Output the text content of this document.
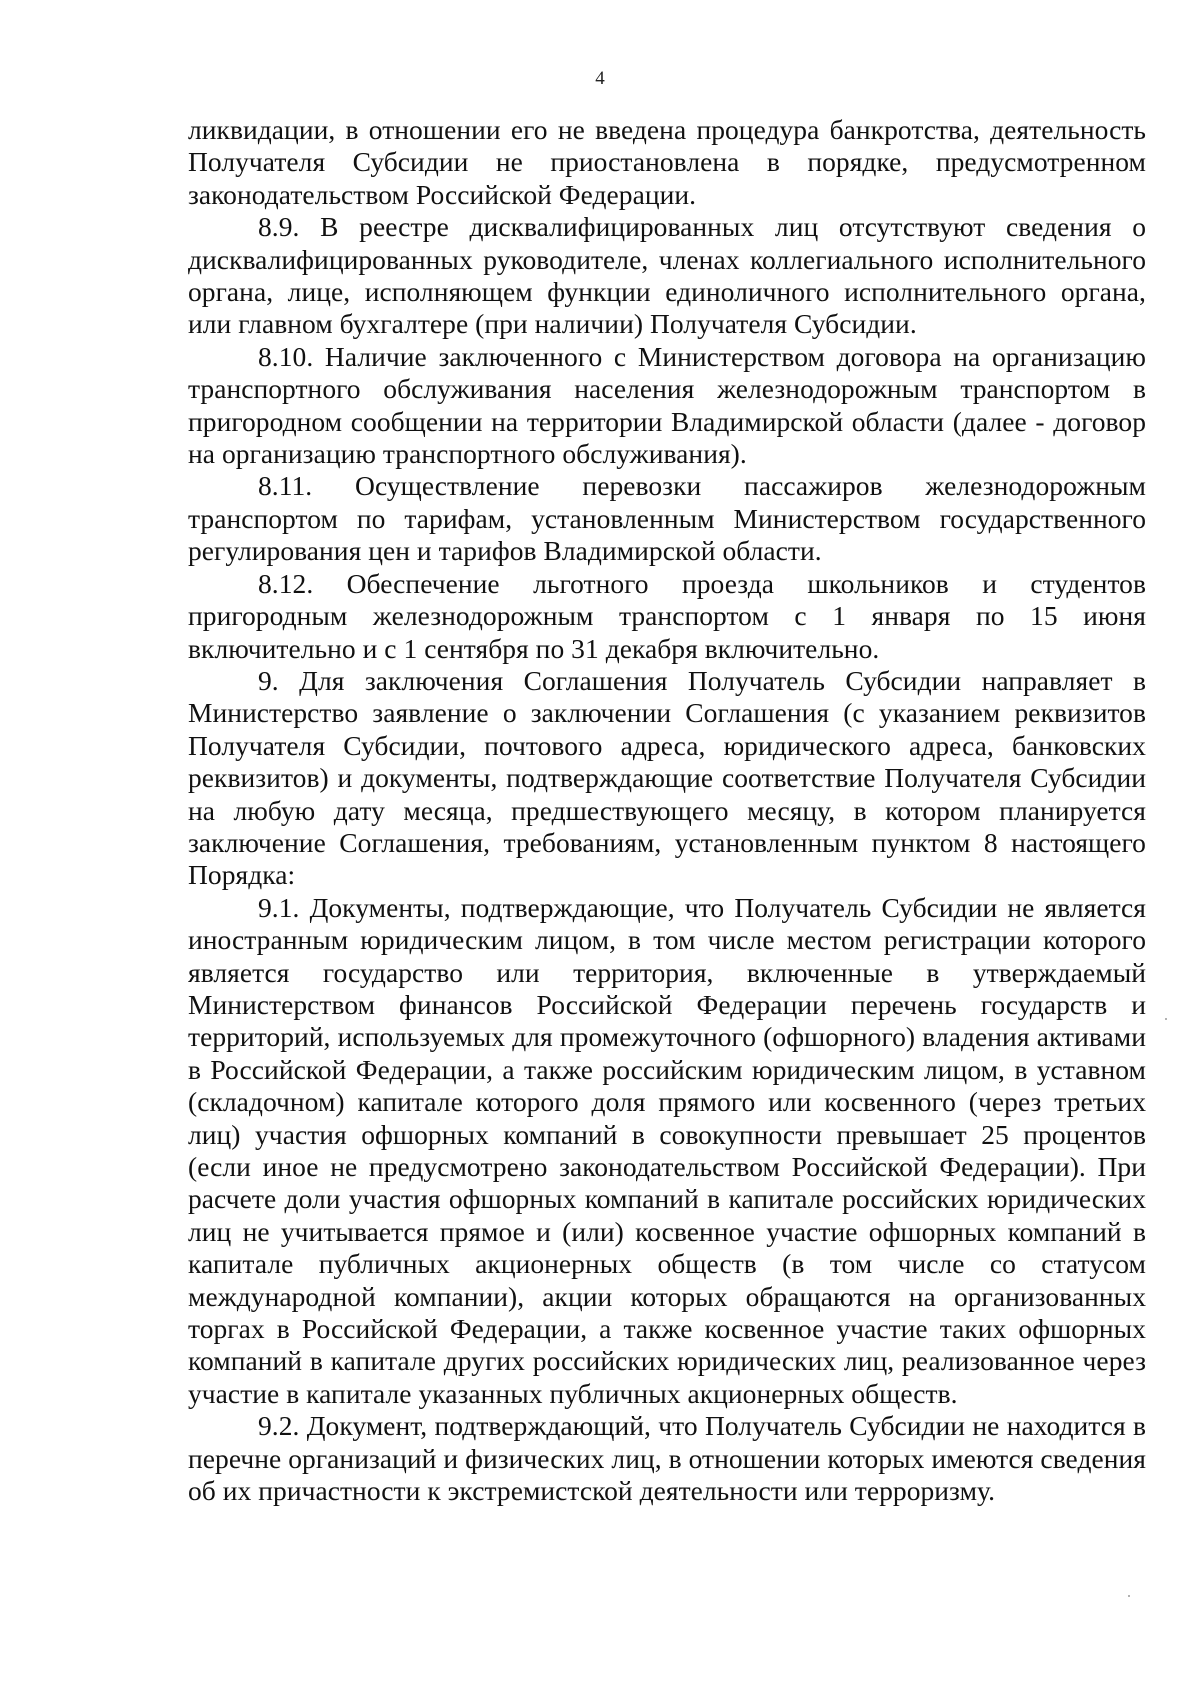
4

ликвидации, в отношении его не введена процедура банкротства, деятельность Получателя Субсидии не приостановлена в порядке, предусмотренном законодательством Российской Федерации.

8.9. В реестре дисквалифицированных лиц отсутствуют сведения о дисквалифицированных руководителе, членах коллегиального исполнительного органа, лице, исполняющем функции единоличного исполнительного органа, или главном бухгалтере (при наличии) Получателя Субсидии.

8.10. Наличие заключенного с Министерством договора на организацию транспортного обслуживания населения железнодорожным транспортом в пригородном сообщении на территории Владимирской области (далее - договор на организацию транспортного обслуживания).

8.11. Осуществление перевозки пассажиров железнодорожным транспортом по тарифам, установленным Министерством государственного регулирования цен и тарифов Владимирской области.

8.12. Обеспечение льготного проезда школьников и студентов пригородным железнодорожным транспортом с 1 января по 15 июня включительно и с 1 сентября по 31 декабря включительно.

9. Для заключения Соглашения Получатель Субсидии направляет в Министерство заявление о заключении Соглашения (с указанием реквизитов Получателя Субсидии, почтового адреса, юридического адреса, банковских реквизитов) и документы, подтверждающие соответствие Получателя Субсидии на любую дату месяца, предшествующего месяцу, в котором планируется заключение Соглашения, требованиям, установленным пунктом 8 настоящего Порядка:

9.1. Документы, подтверждающие, что Получатель Субсидии не является иностранным юридическим лицом, в том числе местом регистрации которого является государство или территория, включенные в утверждаемый Министерством финансов Российской Федерации перечень государств и территорий, используемых для промежуточного (офшорного) владения активами в Российской Федерации, а также российским юридическим лицом, в уставном (складочном) капитале которого доля прямого или косвенного (через третьих лиц) участия офшорных компаний в совокупности превышает 25 процентов (если иное не предусмотрено законодательством Российской Федерации). При расчете доли участия офшорных компаний в капитале российских юридических лиц не учитывается прямое и (или) косвенное участие офшорных компаний в капитале публичных акционерных обществ (в том числе со статусом международной компании), акции которых обращаются на организованных торгах в Российской Федерации, а также косвенное участие таких офшорных компаний в капитале других российских юридических лиц, реализованное через участие в капитале указанных публичных акционерных обществ.

9.2. Документ, подтверждающий, что Получатель Субсидии не находится в перечне организаций и физических лиц, в отношении которых имеются сведения об их причастности к экстремистской деятельности или терроризму.
